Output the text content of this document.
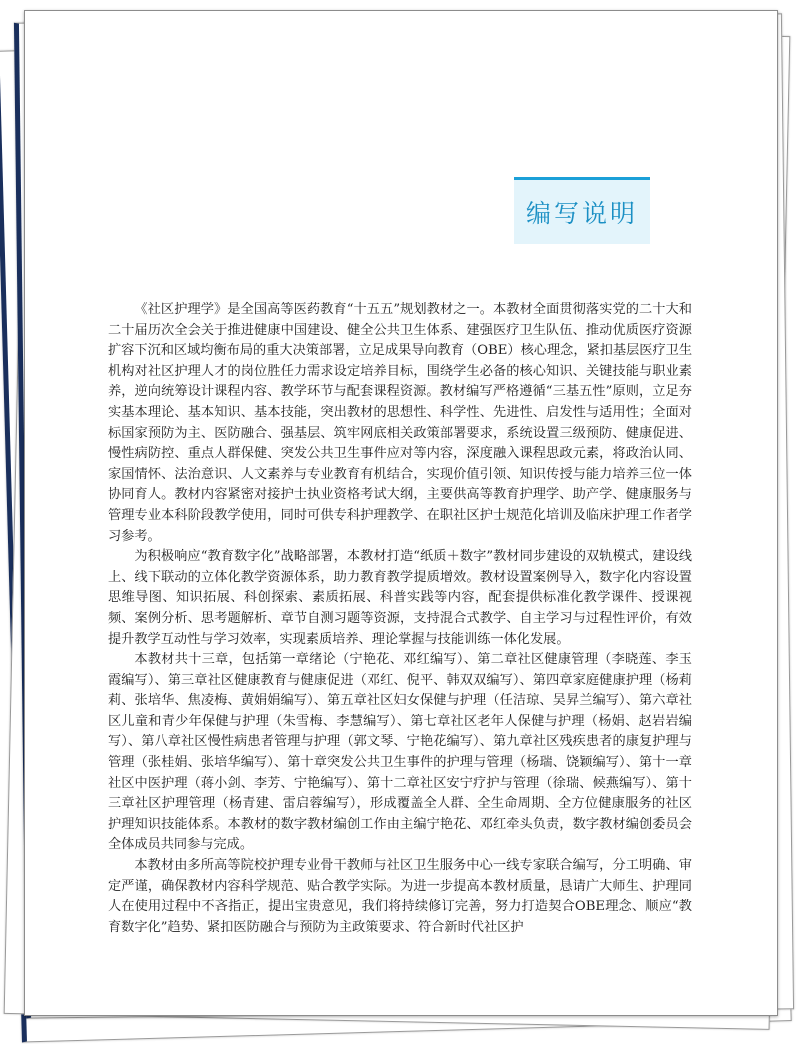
编写说明

《社区护理学》是全国高等医药教育“十五五”规划教材之一。本教材全面贯彻落实党的二十大和二十届历次全会关于推进健康中国建设、健全公共卫生体系、建强医疗卫生队伍、推动优质医疗资源扩容下沉和区域均衡布局的重大决策部署，立足成果导向教育（OBE）核心理念，紧扣基层医疗卫生机构对社区护理人才的岗位胜任力需求设定培养目标，围绕学生必备的核心知识、关键技能与职业素养，逆向统筹设计课程内容、教学环节与配套课程资源。教材编写严格遵循“三基五性”原则，立足夯实基本理论、基本知识、基本技能，突出教材的思想性、科学性、先进性、启发性与适用性；全面对标国家预防为主、医防融合、强基层、筑牢网底相关政策部署要求，系统设置三级预防、健康促进、慢性病防控、重点人群保健、突发公共卫生事件应对等内容，深度融入课程思政元素，将政治认同、家国情怀、法治意识、人文素养与专业教育有机结合，实现价值引领、知识传授与能力培养三位一体协同育人。教材内容紧密对接护士执业资格考试大纲，主要供高等教育护理学、助产学、健康服务与管理专业本科阶段教学使用，同时可供专科护理教学、在职社区护士规范化培训及临床护理工作者学习参考。

为积极响应“教育数字化”战略部署，本教材打造“纸质＋数字”教材同步建设的双轨模式，建设线上、线下联动的立体化教学资源体系，助力教育教学提质增效。教材设置案例导入，数字化内容设置思维导图、知识拓展、科创探索、素质拓展、科普实践等内容，配套提供标准化教学课件、授课视频、案例分析、思考题解析、章节自测习题等资源，支持混合式教学、自主学习与过程性评价，有效提升教学互动性与学习效率，实现素质培养、理论掌握与技能训练一体化发展。

本教材共十三章，包括第一章绪论（宁艳花、邓红编写）、第二章社区健康管理（李晓莲、李玉霞编写）、第三章社区健康教育与健康促进（邓红、倪平、韩双双编写）、第四章家庭健康护理（杨莉莉、张培华、焦凌梅、黄娟娟编写）、第五章社区妇女保健与护理（任洁琼、吴昇兰编写）、第六章社区儿童和青少年保健与护理（朱雪梅、李慧编写）、第七章社区老年人保健与护理（杨娟、赵岩岩编写）、第八章社区慢性病患者管理与护理（郭文琴、宁艳花编写）、第九章社区残疾患者的康复护理与管理（张桂娟、张培华编写）、第十章突发公共卫生事件的护理与管理（杨瑞、饶颖编写）、第十一章社区中医护理（蒋小剑、李芳、宁艳编写）、第十二章社区安宁疗护与管理（徐瑞、候燕编写）、第十三章社区护理管理（杨青建、雷启蓉编写），形成覆盖全人群、全生命周期、全方位健康服务的社区护理知识技能体系。本教材的数字教材编创工作由主编宁艳花、邓红牵头负责，数字教材编创委员会全体成员共同参与完成。

本教材由多所高等院校护理专业骨干教师与社区卫生服务中心一线专家联合编写，分工明确、审定严谨，确保教材内容科学规范、贴合教学实际。为进一步提高本教材质量，恳请广大师生、护理同人在使用过程中不吝指正，提出宝贵意见，我们将持续修订完善，努力打造契合OBE理念、顺应“教育数字化”趋势、紧扣医防融合与预防为主政策要求、符合新时代社区护
